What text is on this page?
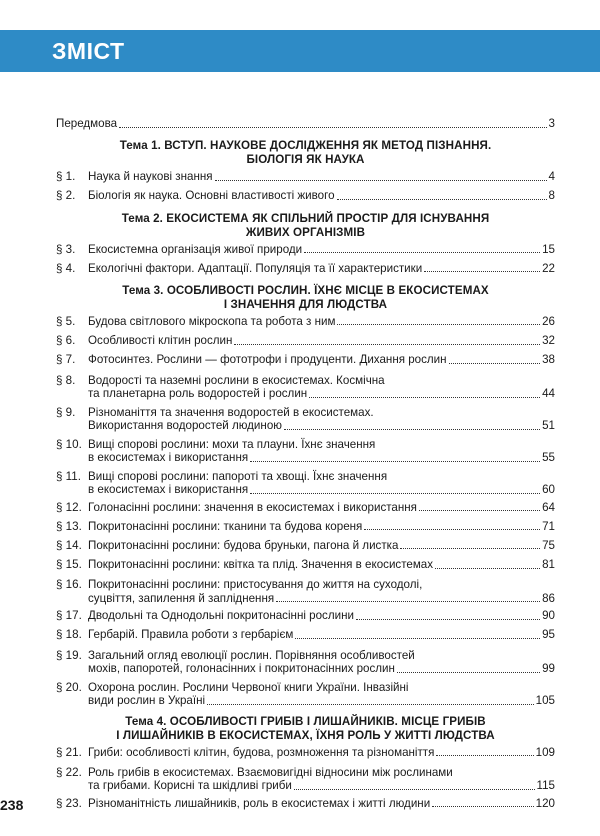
ЗМІСТ
Передмова	3
Тема 1. ВСТУП. НАУКОВЕ ДОСЛІДЖЕННЯ ЯК МЕТОД ПІЗНАННЯ.
БІОЛОГІЯ ЯК НАУКА
§ 1.	Наука й наукові знання	4
§ 2.	Біологія як наука. Основні властивості живого	8
Тема 2. ЕКОСИСТЕМА ЯК СПІЛЬНИЙ ПРОСТІР ДЛЯ ІСНУВАННЯ
ЖИВИХ ОРГАНІЗМІВ
§ 3.	Екосистемна організація живої природи	15
§ 4.	Екологічні фактори. Адаптації. Популяція та її характеристики	22
Тема 3. ОСОБЛИВОСТІ РОСЛИН. ЇХНЄ МІСЦЕ В ЕКОСИСТЕМАХ
І ЗНАЧЕННЯ ДЛЯ ЛЮДСТВА
§ 5.	Будова світлового мікроскопа та робота з ним	26
§ 6.	Особливості клітин рослин	32
§ 7.	Фотосинтез. Рослини — фототрофи і продуценти. Дихання рослин	38
§ 8.	Водорості та наземні рослини в екосистемах. Космічна
та планетарна роль водоростей і рослин	44
§ 9.	Різноманіття та значення водоростей в екосистемах.
Використання водоростей людиною	51
§ 10. Вищі спорові рослини: мохи та плауни. Їхнє значення
в екосистемах і використання	55
§ 11. Вищі спорові рослини: папороті та хвощі. Їхнє значення
в екосистемах і використання	60
§ 12. Голонасінні рослини: значення в екосистемах і використання	64
§ 13. Покритонасінні рослини: тканини та будова кореня	71
§ 14. Покритонасінні рослини: будова бруньки, пагона й листка	75
§ 15. Покритонасінні рослини: квітка та плід. Значення в екосистемах	81
§ 16. Покритонасінні рослини: пристосування до життя на суходолі,
суцвіття, запилення й запліднення	86
§ 17. Дводольні та Однодольні покритонасінні рослини	90
§ 18. Гербарій. Правила роботи з гербарієм	95
§ 19. Загальний огляд еволюції рослин. Порівняння особливостей
мохів, папоротей, голонасінних і покритонасінних рослин	99
§ 20. Охорона рослин. Рослини Червоної книги України. Інвазійні
види рослин в Україні	105
Тема 4. ОСОБЛИВОСТІ ГРИБІВ І ЛИШАЙНИКІВ. МІСЦЕ ГРИБІВ
І ЛИШАЙНИКІВ В ЕКОСИСТЕМАХ, ЇХНЯ РОЛЬ У ЖИТТІ ЛЮДСТВА
§ 21. Гриби: особливості клітин, будова, розмноження та різноманіття	109
§ 22. Роль грибів в екосистемах. Взаємовигідні відносини між рослинами
та грибами. Корисні та шкідливі гриби	115
§ 23. Різноманітність лишайників, роль в екосистемах і житті людини	120
238
